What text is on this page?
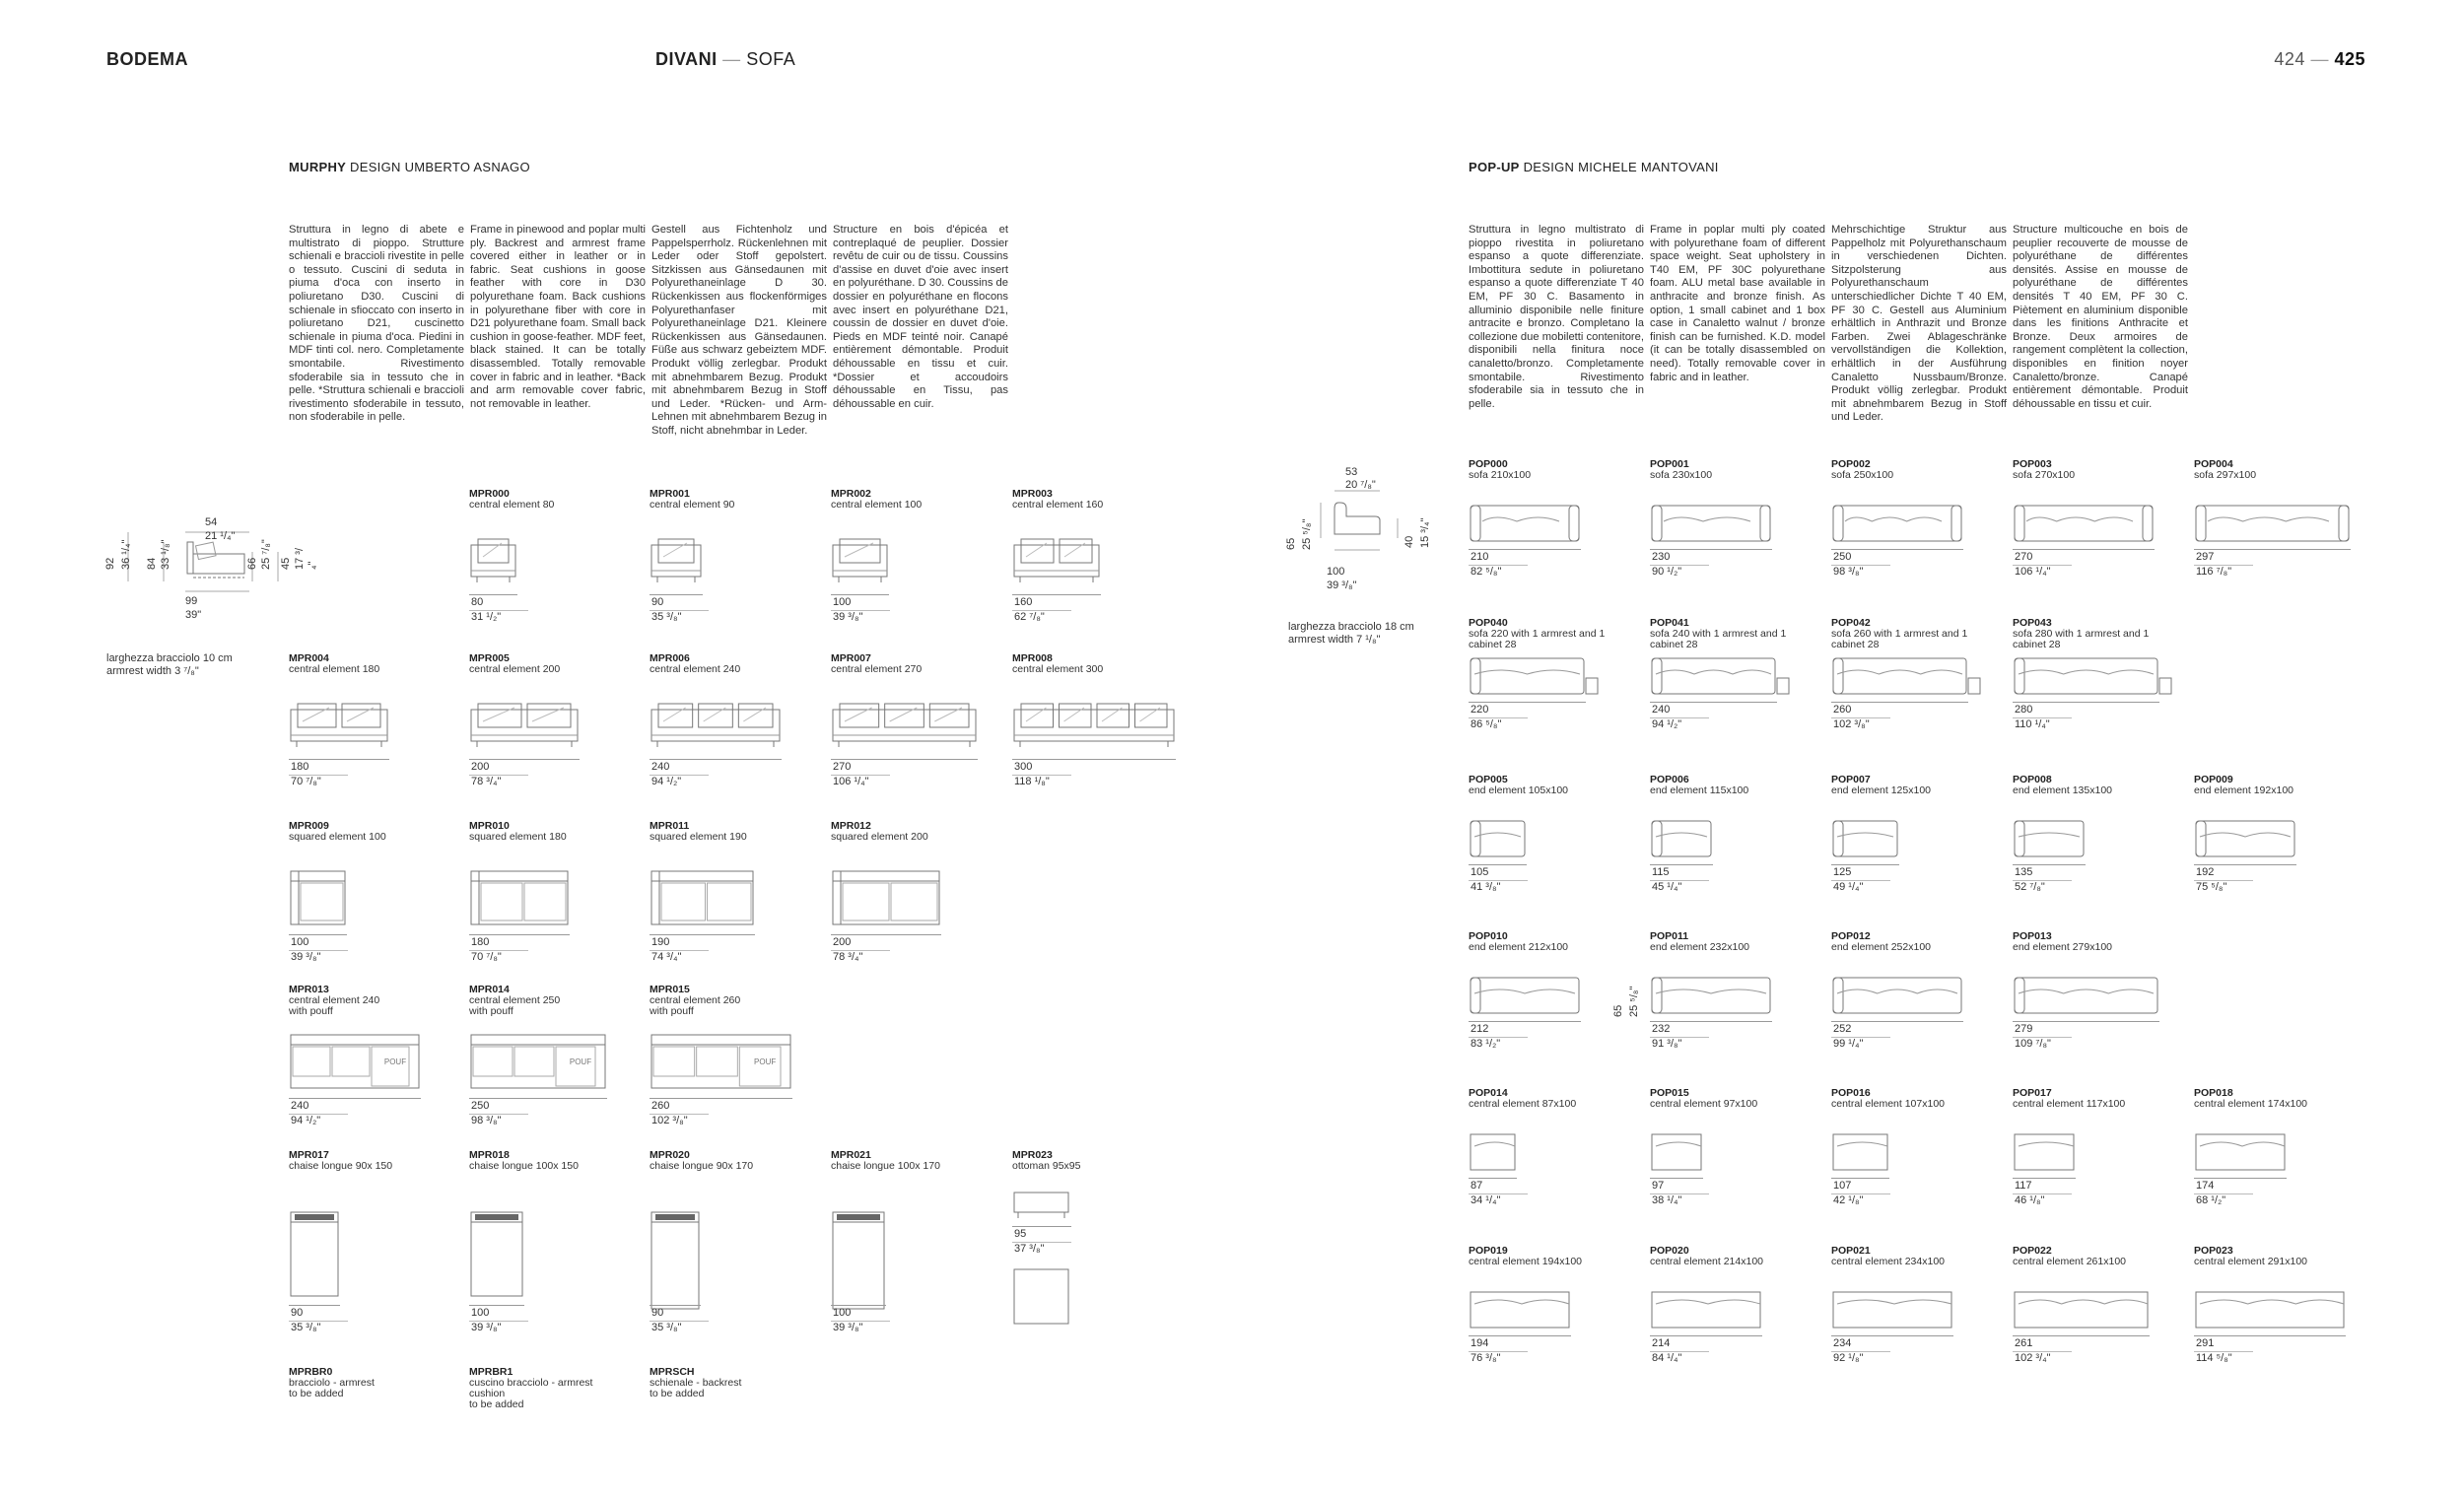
BODEMA	DIVANI — SOFA	424 — 425
MURPHY DESIGN UMBERTO ASNAGO
Struttura in legno di abete e multistrato di pioppo. Strutture schienali e braccioli rivestite in pelle o tessuto. Cuscini di seduta in piuma d'oca con inserto in poliuretano D30. Cuscini di schienale in sfioccato con inserto in poliuretano D21, cuscinetto schienale in piuma d'oca. Piedini in MDF tinti col. nero. Completamente smontabile. Rivestimento sfoderabile sia in tessuto che in pelle. *Struttura schienali e braccioli rivestimento sfoderabile in tessuto, non sfoderabile in pelle.
Frame in pinewood and poplar multi ply. Backrest and armrest frame covered either in leather or in fabric. Seat cushions in goose feather with core in D30 polyurethane foam. Back cushions in polyurethane fiber with core in D21 polyurethane foam. Small back cushion in goose-feather. MDF feet, black stained. It can be totally disassembled. Totally removable cover in fabric and in leather. *Back and arm removable cover fabric, not removable in leather.
Gestell aus Fichtenholz und Pappelsperrholz. Rückenlehnen mit Leder oder Stoff gepolstert. Sitzkissen aus Gänsedaunen mit Polyurethaneinlage D 30. Rückenkissen aus flockenförmiges Polyurethanfaser mit Polyurethaneinlage D21. Kleinere Rückenkissen aus Gänsedaunen. Füße aus schwarz gebeiztem MDF. Produkt völlig zerlegbar. Produkt mit abnehmbarem Bezug. Produkt mit abnehmbarem Bezug in Stoff und Leder. *Rücken- und Arm-Lehnen mit abnehmbarem Bezug in Stoff, nicht abnehmbar in Leder.
Structure en bois d'épicéa et contreplaqué de peuplier. Dossier revêtu de cuir ou de tissu. Coussins d'assise en duvet d'oie avec insert en polyuréthane. D 30. Coussins de dossier en polyuréthane en flocons avec insert en polyuréthane D21, coussin de dossier en duvet d'oie. Pieds en MDF teinté noir. Canapé entièrement démontable. Produit déhoussable en tissu et cuir. *Dossier et accoudoirs déhoussable en Tissu, pas déhoussable en cuir.
54
21 ¹/₄"
92 36 ¹/₄" 84 33 ¹/₈"	66 25 ⁷/₈" 45 17 ³/₄"
99
39"
larghezza bracciolo 10 cm
armrest width 3 ⁷/₈"
MPR000
central element 80
80
31 ¹/₂"
MPR001
central element 90
90
35 ³/₈"
MPR002
central element 100
100
39 ³/₈"
MPR003
central element 160
160
62 ⁷/₈"
MPR004
central element 180
180
70 ⁷/₈"
MPR005
central element 200
200
78 ³/₄"
MPR006
central element 240
240
94 ¹/₂"
MPR007
central element 270
270
106 ¹/₄"
MPR008
central element 300
300
118 ¹/₈"
MPR009
squared element 100
100
39 ³/₈"
MPR010
squared element 180
180
70 ⁷/₈"
MPR011
squared element 190
190
74 ³/₄"
MPR012
squared element 200
200
78 ³/₄"
MPR013
central element 240
with pouff
POUF
240
94 ¹/₂"
MPR014
central element 250
with pouff
POUF
250
98 ³/₈"
MPR015
central element 260
with pouff
POUF
260
102 ³/₈"
MPR017
chaise longue 90x 150
90
35 ³/₈"
MPR018
chaise longue 100x 150
100
39 ³/₈"
MPR020
chaise longue 90x 170
90
35 ³/₈"
MPR021
chaise longue 100x 170
100
39 ³/₈"
MPR023
ottoman 95x95
95
37 ³/₈"
MPRBR0
bracciolo - armrest
to be added
MPRBR1
cuscino bracciolo - armrest
cushion
to be added
MPRSCH
schienale - backrest
to be added
POP-UP DESIGN MICHELE MANTOVANI
Struttura in legno multistrato di pioppo rivestita in poliuretano espanso a quote differenziate. Imbottitura sedute in poliuretano espanso a quote differenziate T 40 EM, PF 30 C. Basamento in alluminio disponibile nelle finiture antracite e bronzo. Completano la collezione due mobiletti contenitore, disponibili nella finitura noce canaletto/bronzo. Completamente smontabile. Rivestimento sfoderabile sia in tessuto che in pelle.
Frame in poplar multi ply coated with polyurethane foam of different space weight. Seat upholstery in T40 EM, PF 30C polyurethane foam. ALU metal base available in anthracite and bronze finish. As option, 1 small cabinet and 1 box case in Canaletto walnut / bronze finish can be furnished. K.D. model (it can be totally disassembled on need). Totally removable cover in fabric and in leather.
Mehrschichtige Struktur aus Pappelholz mit Polyurethanschaum in verschiedenen Dichten. Sitzpolsterung aus Polyurethanschaum unterschiedlicher Dichte T 40 EM, PF 30 C. Gestell aus Aluminium erhältlich in Anthrazit und Bronze Farben. Zwei Ablageschränke vervollständigen die Kollektion, erhältlich in der Ausführung Canaletto Nussbaum/Bronze. Produkt völlig zerlegbar. Produkt mit abnehmbarem Bezug in Stoff und Leder.
Structure multicouche en bois de peuplier recouverte de mousse de polyuréthane de différentes densités. Assise en mousse de polyuréthane de différentes densités T 40 EM, PF 30 C. Piètement en aluminium disponible dans les finitions Anthracite et Bronze. Deux armoires de rangement complètent la collection, disponibles en finition noyer Canaletto/bronze. Canapé entièrement démontable. Produit déhoussable en tissu et cuir.
53
20 ⁷/₈"
65 25 ⁵/₈"	40 15 ³/₄"
100
39 ³/₈"
larghezza bracciolo 18 cm
armrest width 7 ¹/₈"
65 25 ⁵/₈"
POP000
sofa 210x100
210
82 ⁵/₈"
POP001
sofa 230x100
230
90 ¹/₂"
POP002
sofa 250x100
250
98 ³/₈"
POP003
sofa 270x100
270
106 ¹/₄"
POP004
sofa 297x100
297
116 ⁷/₈"
POP040
sofa 220 with 1 armrest and 1
cabinet 28
220
86 ⁵/₈"
POP041
sofa 240 with 1 armrest and 1
cabinet 28
240
94 ¹/₂"
POP042
sofa 260 with 1 armrest and 1
cabinet 28
260
102 ³/₈"
POP043
sofa 280 with 1 armrest and 1
cabinet 28
280
110 ¹/₄"
POP005
end element 105x100
105
41 ³/₈"
POP006
end element 115x100
115
45 ¹/₄"
POP007
end element 125x100
125
49 ¹/₄"
POP008
end element 135x100
135
52 ⁷/₈"
POP009
end element 192x100
192
75 ⁵/₈"
POP010
end element 212x100
212
83 ¹/₂"
POP011
end element 232x100
232
91 ³/₈"
POP012
end element 252x100
252
99 ¹/₄"
POP013
end element 279x100
279
109 ⁷/₈"
POP014
central element 87x100
87
34 ¹/₄"
POP015
central element 97x100
97
38 ¹/₄"
POP016
central element 107x100
107
42 ¹/₈"
POP017
central element 117x100
117
46 ¹/₈"
POP018
central element 174x100
174
68 ¹/₂"
POP019
central element 194x100
194
76 ³/₈"
POP020
central element 214x100
214
84 ¹/₄"
POP021
central element 234x100
234
92 ¹/₈"
POP022
central element 261x100
261
102 ³/₄"
POP023
central element 291x100
291
114 ⁵/₈"
